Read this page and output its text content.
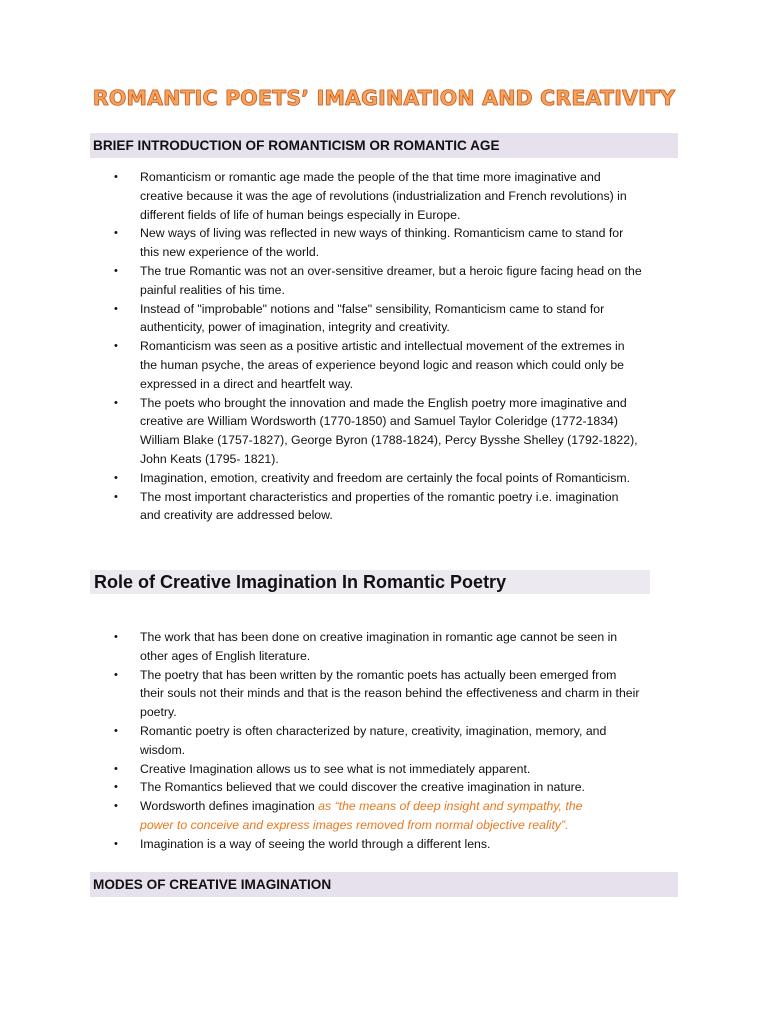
ROMANTIC POETS’ IMAGINATION AND CREATIVITY
BRIEF INTRODUCTION OF ROMANTICISM OR ROMANTIC AGE
• Romanticism or romantic age made the people of the that time more imaginative and
creative because it was the age of revolutions (industrialization and French revolutions) in
different fields of life of human beings especially in Europe.
• New ways of living was reflected in new ways of thinking. Romanticism came to stand for
this new experience of the world.
• The true Romantic was not an over-sensitive dreamer, but a heroic figure facing head on the
painful realities of his time.
• Instead of "improbable" notions and "false" sensibility, Romanticism came to stand for
authenticity, power of imagination, integrity and creativity.
• Romanticism was seen as a positive artistic and intellectual movement of the extremes in
the human psyche, the areas of experience beyond logic and reason which could only be
expressed in a direct and heartfelt way.
• The poets who brought the innovation and made the English poetry more imaginative and
creative are William Wordsworth (1770-1850) and Samuel Taylor Coleridge (1772-1834)
William Blake (1757-1827), George Byron (1788-1824), Percy Bysshe Shelley (1792-1822),
John Keats (1795- 1821).
• Imagination, emotion, creativity and freedom are certainly the focal points of Romanticism.
• The most important characteristics and properties of the romantic poetry i.e. imagination
and creativity are addressed below.
Role of Creative Imagination In Romantic Poetry
• The work that has been done on creative imagination in romantic age cannot be seen in
other ages of English literature.
• The poetry that has been written by the romantic poets has actually been emerged from
their souls not their minds and that is the reason behind the effectiveness and charm in their
poetry.
• Romantic poetry is often characterized by nature, creativity, imagination, memory, and
wisdom.
• Creative Imagination allows us to see what is not immediately apparent.
• The Romantics believed that we could discover the creative imagination in nature.
• Wordsworth defines imagination as “the means of deep insight and sympathy, the
power to conceive and express images removed from normal objective reality”.
• Imagination is a way of seeing the world through a different lens.
MODES OF CREATIVE IMAGINATION
